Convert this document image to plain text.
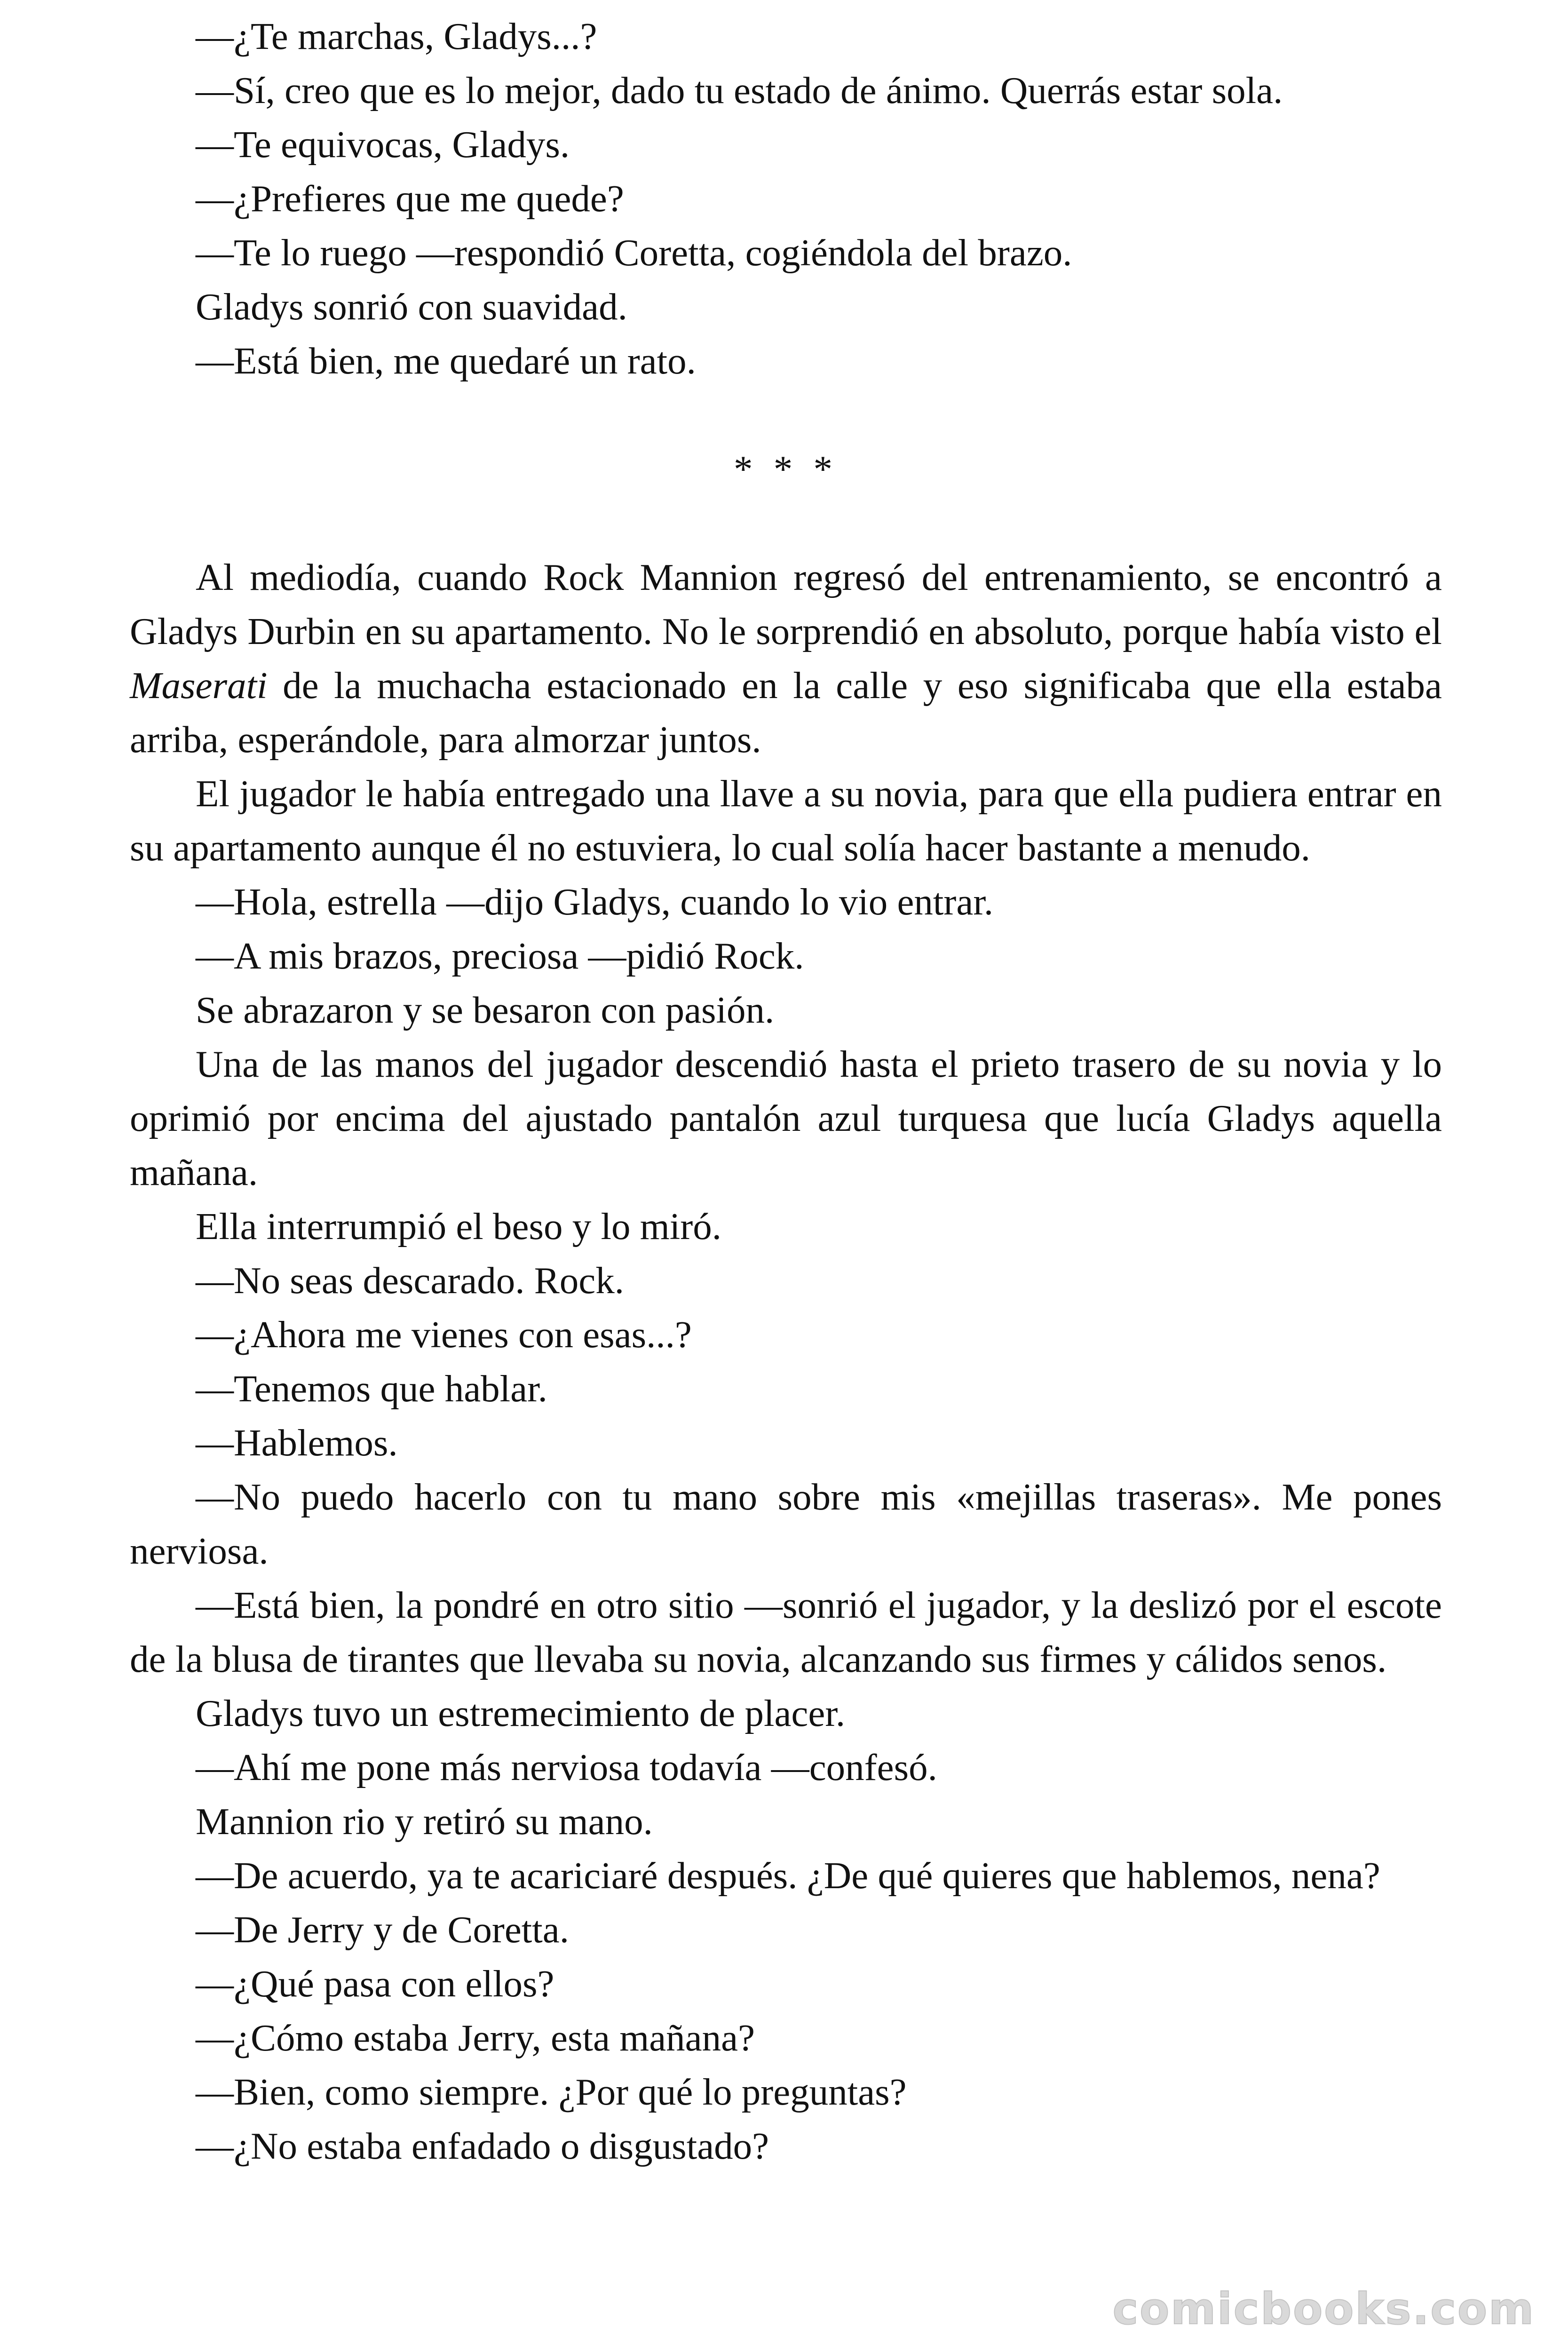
—¿Te marchas, Gladys...?

—Sí, creo que es lo mejor, dado tu estado de ánimo. Querrás estar sola.

—Te equivocas, Gladys.

—¿Prefieres que me quede?

—Te lo ruego —respondió Coretta, cogiéndola del brazo.

Gladys sonrió con suavidad.

—Está bien, me quedaré un rato.

* * *

Al mediodía, cuando Rock Mannion regresó del entrenamiento, se encontró a Gladys Durbin en su apartamento. No le sorprendió en absoluto, porque había visto el Maserati de la muchacha estacionado en la calle y eso significaba que ella estaba arriba, esperándole, para almorzar juntos.

El jugador le había entregado una llave a su novia, para que ella pudiera entrar en su apartamento aunque él no estuviera, lo cual solía hacer bastante a menudo.

—Hola, estrella —dijo Gladys, cuando lo vio entrar.

—A mis brazos, preciosa —pidió Rock.

Se abrazaron y se besaron con pasión.

Una de las manos del jugador descendió hasta el prieto trasero de su novia y lo oprimió por encima del ajustado pantalón azul turquesa que lucía Gladys aquella mañana.

Ella interrumpió el beso y lo miró.

—No seas descarado. Rock.

—¿Ahora me vienes con esas...?

—Tenemos que hablar.

—Hablemos.

—No puedo hacerlo con tu mano sobre mis «mejillas traseras». Me pones nerviosa.

—Está bien, la pondré en otro sitio —sonrió el jugador, y la deslizó por el escote de la blusa de tirantes que llevaba su novia, alcanzando sus firmes y cálidos senos.

Gladys tuvo un estremecimiento de placer.

—Ahí me pone más nerviosa todavía —confesó.

Mannion rio y retiró su mano.

—De acuerdo, ya te acariciaré después. ¿De qué quieres que hablemos, nena?

—De Jerry y de Coretta.

—¿Qué pasa con ellos?

—¿Cómo estaba Jerry, esta mañana?

—Bien, como siempre. ¿Por qué lo preguntas?

—¿No estaba enfadado o disgustado?

comicbooks.com
